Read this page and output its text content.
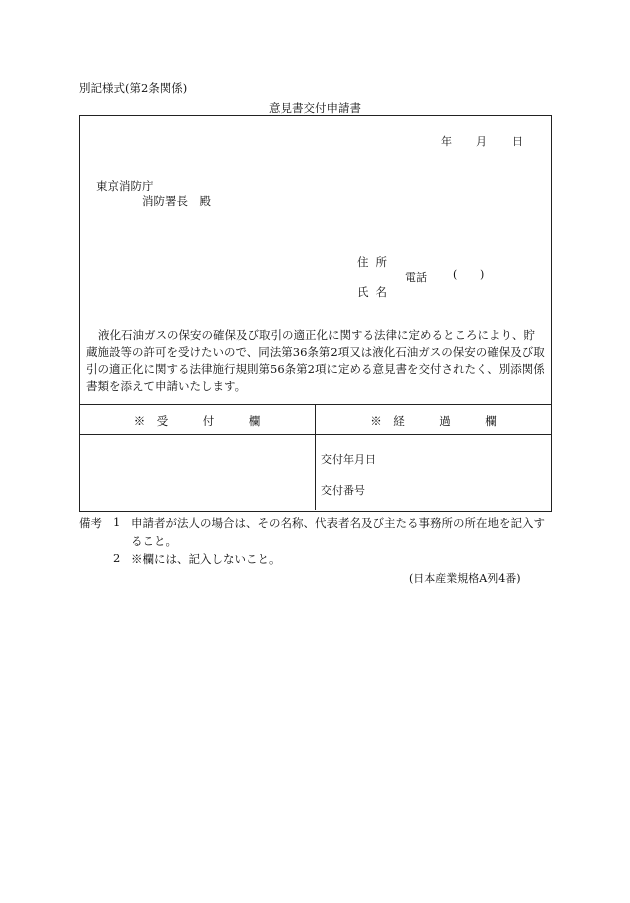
別記様式(第2条関係)
意見書交付申請書
年 月 日
東京消防庁
消防署長　殿
住所
電話 ( )
氏名
液化石油ガスの保安の確保及び取引の適正化に関する法律に定めるところにより、貯
蔵施設等の許可を受けたいので、同法第36条第2項又は液化石油ガスの保安の確保及び取
引の適正化に関する法律施行規則第56条第2項に定める意見書を交付されたく、別添関係
書類を添えて申請いたします。
※　受　　　付　　　欄	※　経　　　過　　　欄
交付年月日
交付番号
備考 1 申請者が法人の場合は、その名称、代表者名及び主たる事務所の所在地を記入す
ること。
2 ※欄には、記入しないこと。
(日本産業規格A列4番)
